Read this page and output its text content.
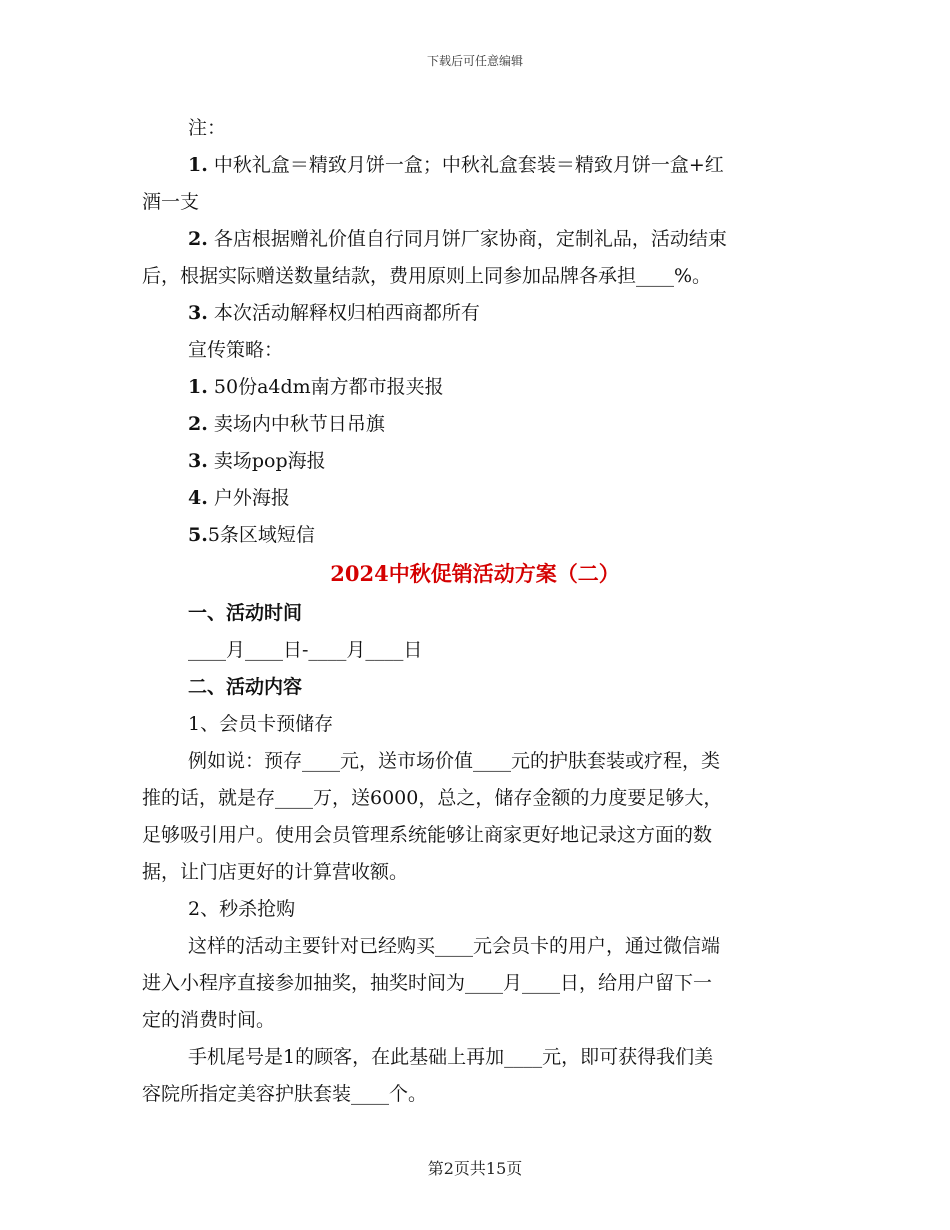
下载后可任意编辑
注：
1. 中秋礼盒＝精致月饼一盒；中秋礼盒套装＝精致月饼一盒+红
酒一支
2. 各店根据赠礼价值自行同月饼厂家协商，定制礼品，活动结束
后，根据实际赠送数量结款，费用原则上同参加品牌各承担____%。
3. 本次活动解释权归柏西商都所有
宣传策略：
1. 50份a4dm南方都市报夹报
2. 卖场内中秋节日吊旗
3. 卖场pop海报
4. 户外海报
5.5条区域短信
2024中秋促销活动方案（二）
一、活动时间
____月____日-____月____日
二、活动内容
1、会员卡预储存
例如说：预存____元，送市场价值____元的护肤套装或疗程，类
推的话，就是存____万，送6000，总之，储存金额的力度要足够大，
足够吸引用户。使用会员管理系统能够让商家更好地记录这方面的数
据，让门店更好的计算营收额。
2、秒杀抢购
这样的活动主要针对已经购买____元会员卡的用户，通过微信端
进入小程序直接参加抽奖，抽奖时间为____月____日，给用户留下一
定的消费时间。
手机尾号是1的顾客，在此基础上再加____元，即可获得我们美
容院所指定美容护肤套装____个。
第2页共15页
